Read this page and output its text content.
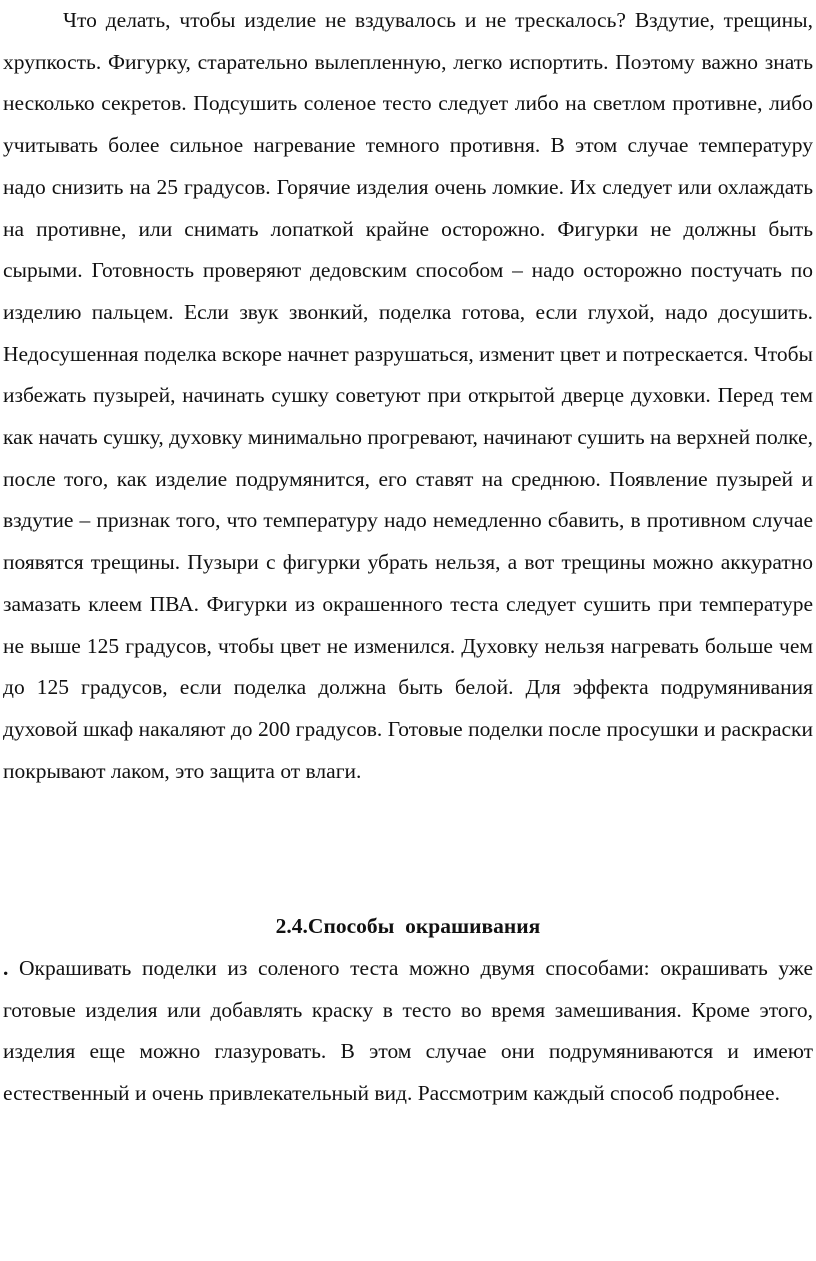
Что делать, чтобы изделие не вздувалось и не трескалось? Вздутие, трещины, хрупкость. Фигурку, старательно вылепленную, легко испортить. Поэтому важно знать несколько секретов. Подсушить соленое тесто следует либо на светлом противне, либо учитывать более сильное нагревание темного противня. В этом случае температуру надо снизить на 25 градусов. Горячие изделия очень ломкие. Их следует или охлаждать на противне, или снимать лопаткой крайне осторожно. Фигурки не должны быть сырыми. Готовность проверяют дедовским способом – надо осторожно постучать по изделию пальцем. Если звук звонкий, поделка готова, если глухой, надо досушить. Недосушенная поделка вскоре начнет разрушаться, изменит цвет и потрескается. Чтобы избежать пузырей, начинать сушку советуют при открытой дверце духовки. Перед тем как начать сушку, духовку минимально прогревают, начинают сушить на верхней полке, после того, как изделие подрумянится, его ставят на среднюю. Появление пузырей и вздутие – признак того, что температуру надо немедленно сбавить, в противном случае появятся трещины. Пузыри с фигурки убрать нельзя, а вот трещины можно аккуратно замазать клеем ПВА. Фигурки из окрашенного теста следует сушить при температуре не выше 125 градусов, чтобы цвет не изменился. Духовку нельзя нагревать больше чем до 125 градусов, если поделка должна быть белой. Для эффекта подрумянивания духовой шкаф накаляют до 200 градусов. Готовые поделки после просушки и раскраски покрывают лаком, это защита от влаги.

2.4.Способы  окрашивания

. Окрашивать поделки из соленого теста можно двумя способами: окрашивать уже готовые изделия или добавлять краску в тесто во время замешивания. Кроме этого, изделия еще можно глазуровать. В этом случае они подрумяниваются и имеют естественный и очень привлекательный вид. Рассмотрим каждый способ подробнее.
